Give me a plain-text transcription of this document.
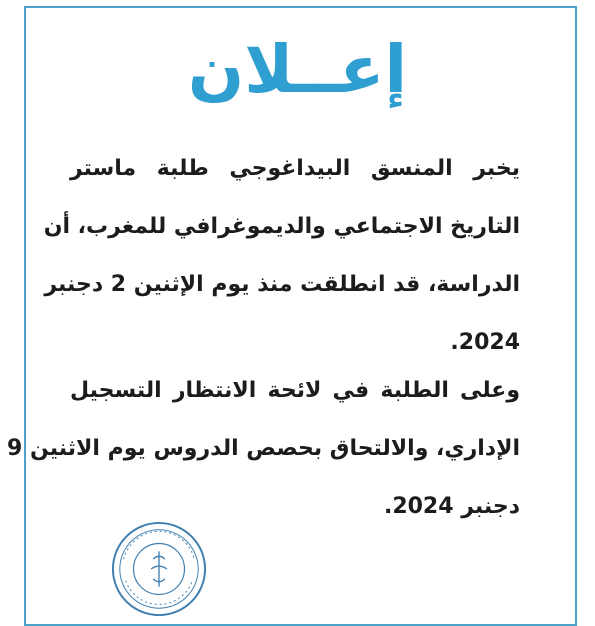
إعــلان
يخبر المنسق البيداغوجي طلبة ماستر
التاريخ الاجتماعي والديموغرافي للمغرب، أن
الدراسة، قد انطلقت منذ يوم الإثنين 2 دجنبر
2024.
وعلى الطلبة في لائحة الانتظار التسجيل
الإداري، والالتحاق بحصص الدروس يوم الاثنين 9
دجنبر 2024.
